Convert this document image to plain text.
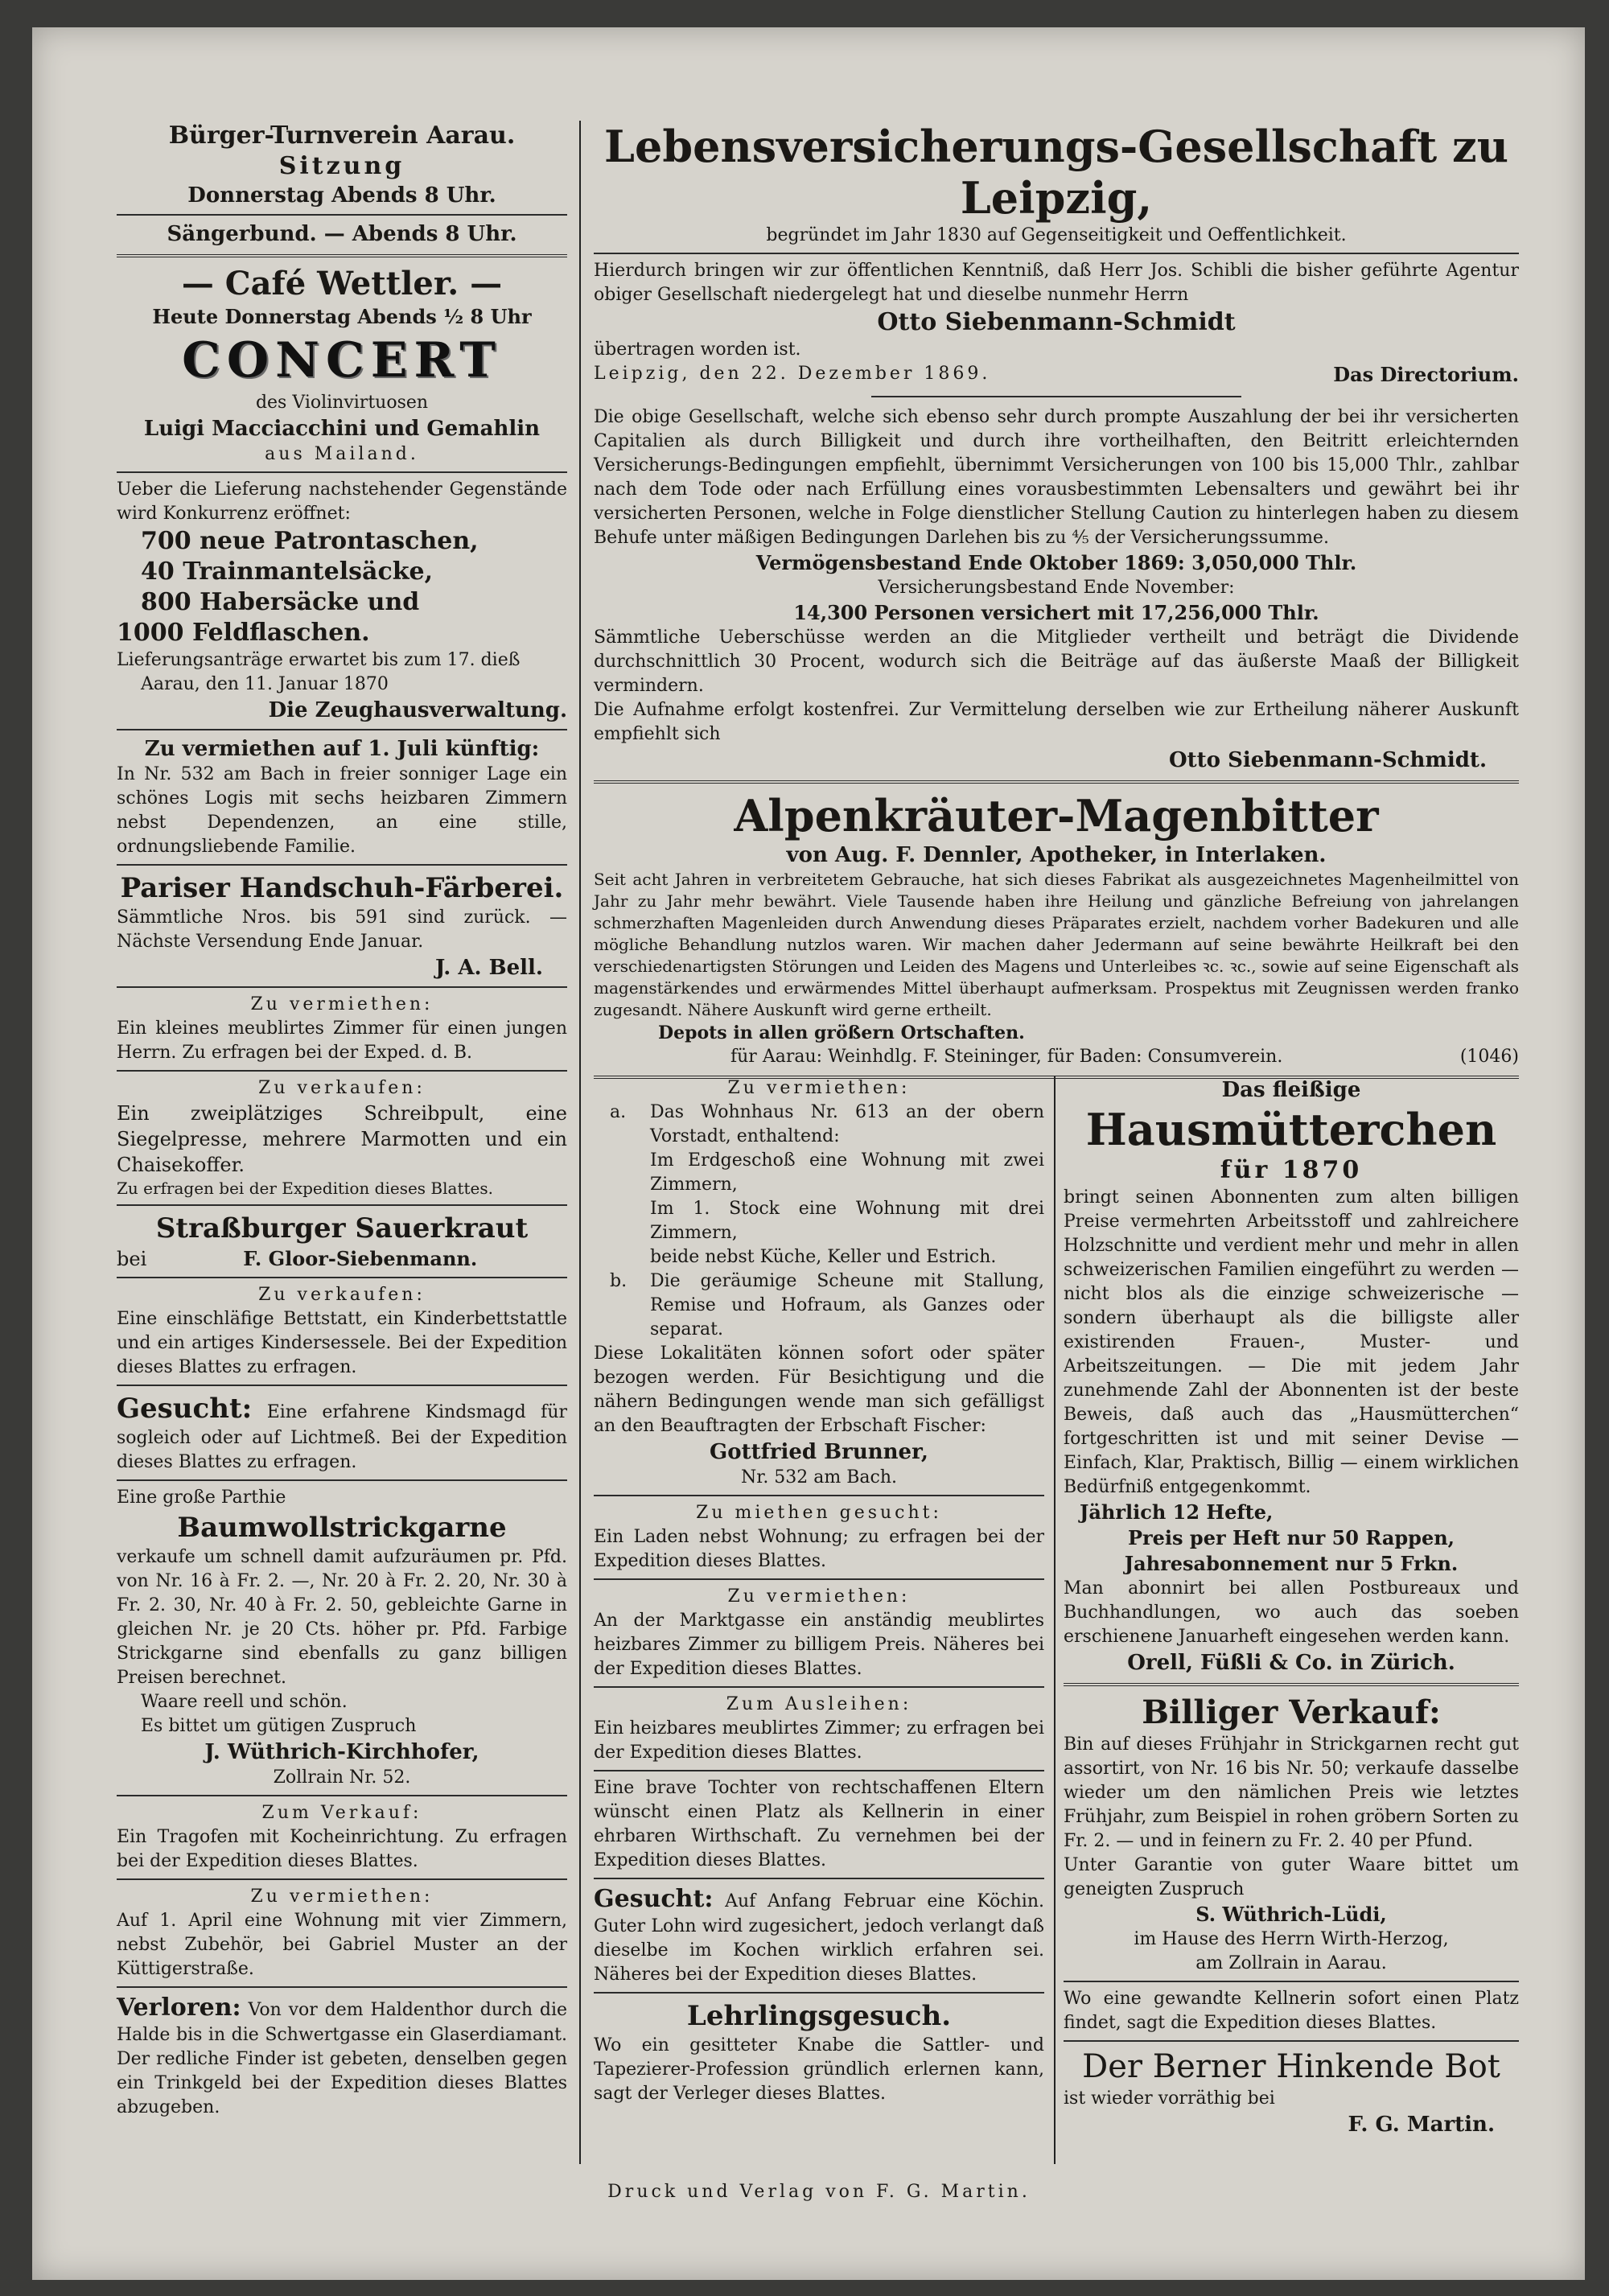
Bürger-Turnverein Aarau.

Sitzung

Donnerstag Abends 8 Uhr.

Sängerbund. — Abends 8 Uhr.

— Café Wettler. —

Heute Donnerstag Abends ½ 8 Uhr

CONCERT

des Violinvirtuosen

Luigi Macciacchini und Gemahlin

aus Mailand.

Ueber die Lieferung nachstehender Gegenstände wird Konkurrenz eröffnet:

700 neue Patrontaschen,

40 Trainmantelsäcke,

800 Habersäcke und

1000 Feldflaschen.

Lieferungsanträge erwartet bis zum 17. dieß

Aarau, den 11. Januar 1870

Die Zeughausverwaltung.

Zu vermiethen auf 1. Juli künftig:

In Nr. 532 am Bach in freier sonniger Lage ein schönes Logis mit sechs heizbaren Zimmern nebst Dependenzen, an eine stille, ordnungsliebende Familie.

Pariser Handschuh-Färberei.

Sämmtliche Nros. bis 591 sind zurück. — Nächste Versendung Ende Januar.

J. A. Bell.

Zu vermiethen:

Ein kleines meublirtes Zimmer für einen jungen Herrn. Zu erfragen bei der Exped. d. B.

Zu verkaufen:

Ein zweiplätziges Schreibpult, eine Siegelpresse, mehrere Marmotten und ein Chaisekoffer.

Zu erfragen bei der Expedition dieses Blattes.

Straßburger Sauerkraut

bei	F. Gloor-Siebenmann.

Zu verkaufen:

Eine einschläfige Bettstatt, ein Kinderbettstattle und ein artiges Kindersesselе. Bei der Expedition dieses Blattes zu erfragen.

Gesucht: Eine erfahrene Kindsmagd für sogleich oder auf Lichtmeß. Bei der Expedition dieses Blattes zu erfragen.

Eine große Parthie

Baumwollstrickgarne

verkaufe um schnell damit aufzuräumen pr. Pfd. von Nr. 16 à Fr. 2. —, Nr. 20 à Fr. 2. 20, Nr. 30 à Fr. 2. 30, Nr. 40 à Fr. 2. 50, gebleichte Garne in gleichen Nr. je 20 Cts. höher pr. Pfd. Farbige Strickgarne sind ebenfalls zu ganz billigen Preisen berechnet.

Waare reell und schön.

Es bittet um gütigen Zuspruch

J. Wüthrich-Kirchhofer,

Zollrain Nr. 52.

Zum Verkauf:

Ein Tragofen mit Kocheinrichtung. Zu erfragen bei der Expedition dieses Blattes.

Zu vermiethen:

Auf 1. April eine Wohnung mit vier Zimmern, nebst Zubehör, bei Gabriel Muster an der Küttigerstraße.

Verloren: Von vor dem Haldenthor durch die Halde bis in die Schwertgasse ein Glaserdiamant. Der redliche Finder ist gebeten, denselben gegen ein Trinkgeld bei der Expedition dieses Blattes abzugeben.

Lebensversicherungs-Gesellschaft zu Leipzig,

begründet im Jahr 1830 auf Gegenseitigkeit und Oeffentlichkeit.

Hierdurch bringen wir zur öffentlichen Kenntniß, daß Herr Jos. Schibli die bisher geführte Agentur obiger Gesellschaft niedergelegt hat und dieselbe nunmehr Herrn

Otto Siebenmann-Schmidt

übertragen worden ist.

Leipzig, den 22. Dezember 1869.	Das Directorium.

Die obige Gesellschaft, welche sich ebenso sehr durch prompte Auszahlung der bei ihr versicherten Capitalien als durch Billigkeit und durch ihre vortheilhaften, den Beitritt erleichternden Versicherungs-Bedingungen empfiehlt, übernimmt Versicherungen von 100 bis 15,000 Thlr., zahlbar nach dem Tode oder nach Erfüllung eines vorausbestimmten Lebensalters und gewährt bei ihr versicherten Personen, welche in Folge dienstlicher Stellung Caution zu hinterlegen haben zu diesem Behufe unter mäßigen Bedingungen Darlehen bis zu ⅘ der Versicherungssumme.

Vermögensbestand Ende Oktober 1869: 3,050,000 Thlr.

Versicherungsbestand Ende November:

14,300 Personen versichert mit 17,256,000 Thlr.

Sämmtliche Ueberschüsse werden an die Mitglieder vertheilt und beträgt die Dividende durchschnittlich 30 Procent, wodurch sich die Beiträge auf das äußerste Maaß der Billigkeit vermindern.

Die Aufnahme erfolgt kostenfrei. Zur Vermittelung derselben wie zur Ertheilung näherer Auskunft empfiehlt sich

Otto Siebenmann-Schmidt.

Alpenkräuter-Magenbitter

von Aug. F. Dennler, Apotheker, in Interlaken.

Seit acht Jahren in verbreitetem Gebrauche, hat sich dieses Fabrikat als ausgezeichnetes Magenheilmittel von Jahr zu Jahr mehr bewährt. Viele Tausende haben ihre Heilung und gänzliche Befreiung von jahrelangen schmerzhaften Magenleiden durch Anwendung dieses Präparates erzielt, nachdem vorher Badekuren und alle mögliche Behandlung nutzlos waren. Wir machen daher Jedermann auf seine bewährte Heilkraft bei den verschiedenartigsten Störungen und Leiden des Magens und Unterleibes ꝛc. ꝛc., sowie auf seine Eigenschaft als magenstärkendes und erwärmendes Mittel überhaupt aufmerksam. Prospektus mit Zeugnissen werden franko zugesandt. Nähere Auskunft wird gerne ertheilt.

Depots in allen größern Ortschaften.

für Aarau: Weinhdlg. F. Steininger, für Baden: Consumverein.	(1046)

Zu vermiethen:

a.	Das Wohnhaus Nr. 613 an der obern Vorstadt, enthaltend:

Im Erdgeschoß eine Wohnung mit zwei Zimmern,

Im 1. Stock eine Wohnung mit drei Zimmern,

beide nebst Küche, Keller und Estrich.

b.	Die geräumige Scheune mit Stallung, Remise und Hofraum, als Ganzes oder separat.

Diese Lokalitäten können sofort oder später bezogen werden. Für Besichtigung und die nähern Bedingungen wende man sich gefälligst an den Beauftragten der Erbschaft Fischer:

Gottfried Brunner,

Nr. 532 am Bach.

Zu miethen gesucht:

Ein Laden nebst Wohnung; zu erfragen bei der Expedition dieses Blattes.

Zu vermiethen:

An der Marktgasse ein anständig meublirtes heizbares Zimmer zu billigem Preis. Näheres bei der Expedition dieses Blattes.

Zum Ausleihen:

Ein heizbares meublirtes Zimmer; zu erfragen bei der Expedition dieses Blattes.

Eine brave Tochter von rechtschaffenen Eltern wünscht einen Platz als Kellnerin in einer ehrbaren Wirthschaft. Zu vernehmen bei der Expedition dieses Blattes.

Gesucht: Auf Anfang Februar eine Köchin. Guter Lohn wird zugesichert, jedoch verlangt daß dieselbe im Kochen wirklich erfahren sei. Näheres bei der Expedition dieses Blattes.

Lehrlingsgesuch.

Wo ein gesitteter Knabe die Sattler- und Tapezierer-Profession gründlich erlernen kann, sagt der Verleger dieses Blattes.

Das fleißige

Hausmütterchen

für 1870

bringt seinen Abonnenten zum alten billigen Preise vermehrten Arbeitsstoff und zahlreichere Holzschnitte und verdient mehr und mehr in allen schweizerischen Familien eingeführt zu werden — nicht blos als die einzige schweizerische — sondern überhaupt als die billigste aller existirenden Frauen-, Muster- und Arbeitszeitungen. — Die mit jedem Jahr zunehmende Zahl der Abonnenten ist der beste Beweis, daß auch das „Hausmütterchen“ fortgeschritten ist und mit seiner Devise — Einfach, Klar, Praktisch, Billig — einem wirklichen Bedürfniß entgegenkommt.

Jährlich 12 Hefte,

Preis per Heft nur 50 Rappen,

Jahresabonnement nur 5 Frkn.

Man abonnirt bei allen Postbureaux und Buchhandlungen, wo auch das soeben erschienene Januarheft eingesehen werden kann.

Orell, Füßli & Co. in Zürich.

Billiger Verkauf:

Bin auf dieses Frühjahr in Strickgarnen recht gut assortirt, von Nr. 16 bis Nr. 50; verkaufe dasselbe wieder um den nämlichen Preis wie letztes Frühjahr, zum Beispiel in rohen gröbern Sorten zu Fr. 2. — und in feinern zu Fr. 2. 40 per Pfund.

Unter Garantie von guter Waare bittet um geneigten Zuspruch

S. Wüthrich-Lüdi,

im Hause des Herrn Wirth-Herzog,

am Zollrain in Aarau.

Wo eine gewandte Kellnerin sofort einen Platz findet, sagt die Expedition dieses Blattes.

Der Berner Hinkende Bot

ist wieder vorräthig bei

F. G. Martin.

Druck und Verlag von F. G. Martin.
